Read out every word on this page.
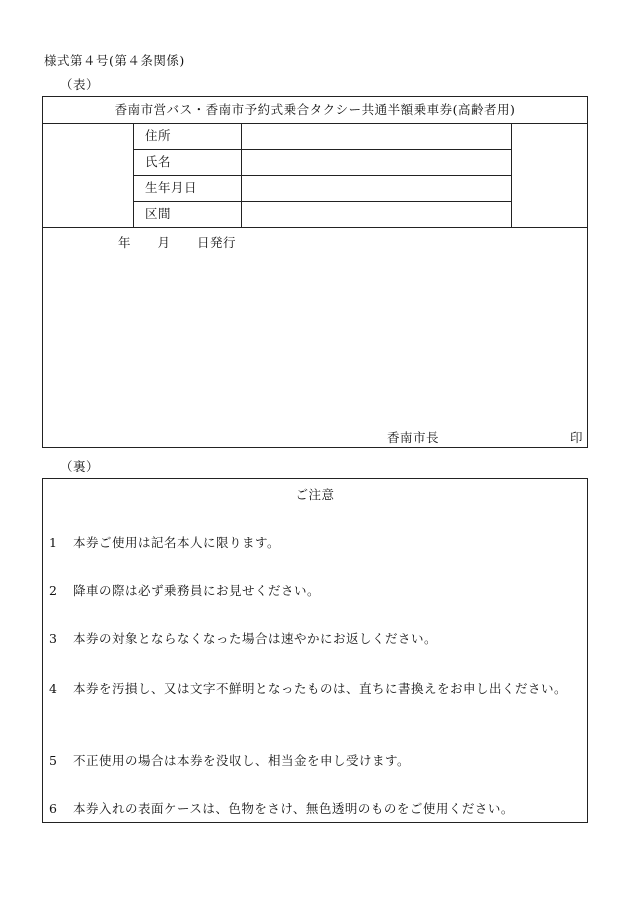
様式第４号(第４条関係)
（表）
香南市営バス・香南市予約式乗合タクシー共通半額乗車券(高齢者用)
住所
氏名
生年月日
区間
年 月 日発行
香南市長	印
（裏）
ご注意
1 本券ご使用は記名本人に限ります。
2 降車の際は必ず乗務員にお見せください。
3 本券の対象とならなくなった場合は速やかにお返しください。
4 本券を汚損し、又は文字不鮮明となったものは、直ちに書換えをお申し出ください。
5 不正使用の場合は本券を没収し、相当金を申し受けます。
6 本券入れの表面ケースは、色物をさけ、無色透明のものをご使用ください。
